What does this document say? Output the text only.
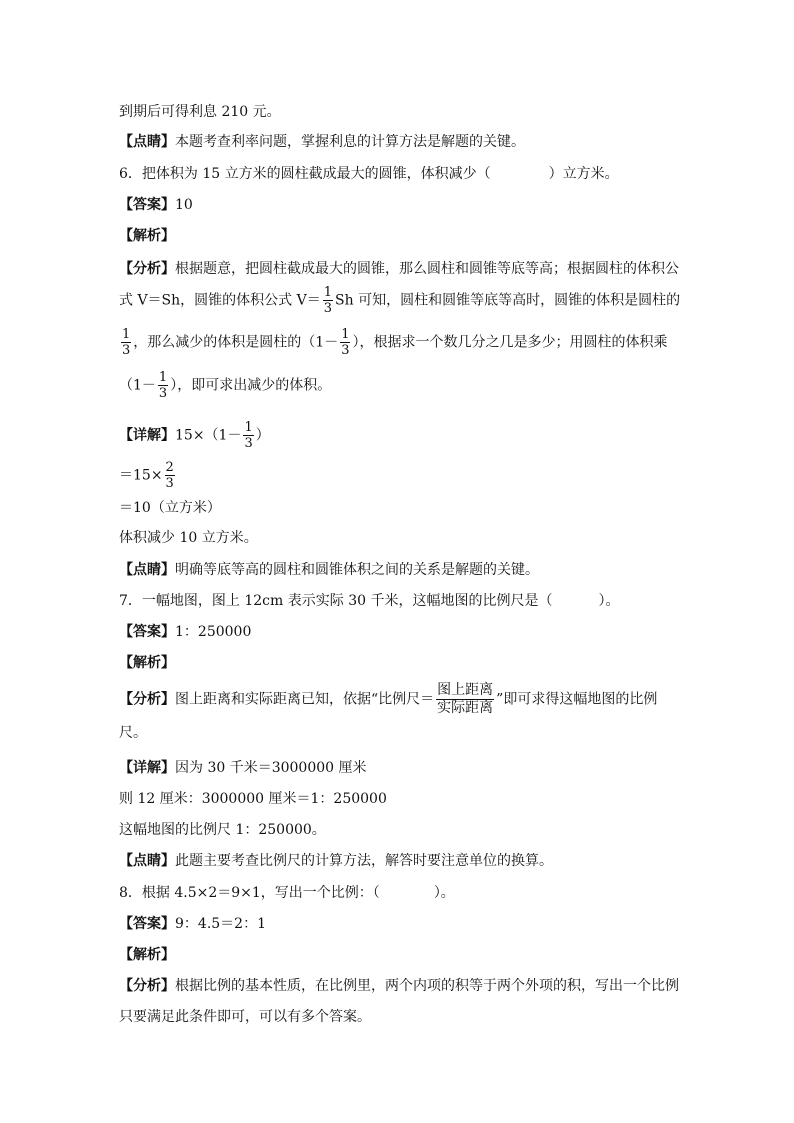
到期后可得利息 210 元。
【点睛】本题考查利率问题，掌握利息的计算方法是解题的关键。
6．把体积为 15 立方米的圆柱截成最大的圆锥，体积减少（	）立方米。
【答案】10
【解析】
【分析】根据题意，把圆柱截成最大的圆锥，那么圆柱和圆锥等底等高；根据圆柱的体积公
式 V＝Sh，圆锥的体积公式 $V= \frac{1}{3}$ Sh 可知，圆柱和圆锥等底等高时，圆锥的体积是圆柱的
$\frac{1}{3}$ ，那么减少的体积是圆柱的（$1- \frac{1}{3}$ ），根据求一个数几分之几是多少；用圆柱的体积乘
（$1- \frac{1}{3}$ ），即可求出减少的体积。
【详解】$15\times(1- \frac{1}{3}$ ）
$=15\times \frac{2}{3}$
＝10（立方米）
体积减少 10 立方米。
【点睛】明确等底等高的圆柱和圆锥体积之间的关系是解题的关键。
7．一幅地图，图上 12cm 表示实际 30 千米，这幅地图的比例尺是（	）。
【答案】1：250000
【解析】
【分析】图上距离和实际距离已知，依据“比例尺＝ $\frac{\text{图上距离}}{\text{实际距离}}$ ”即可求得这幅地图的比例
尺。
【详解】因为 30 千米＝3000000 厘米
则 12 厘米：3000000 厘米＝1：250000
这幅地图的比例尺 1：250000。
【点睛】此题主要考查比例尺的计算方法，解答时要注意单位的换算。
8．根据 4.5×2＝9×1，写出一个比例：（	）。
【答案】9：4.5＝2：1
【解析】
【分析】根据比例的基本性质，在比例里，两个内项的积等于两个外项的积，写出一个比例
只要满足此条件即可，可以有多个答案。
